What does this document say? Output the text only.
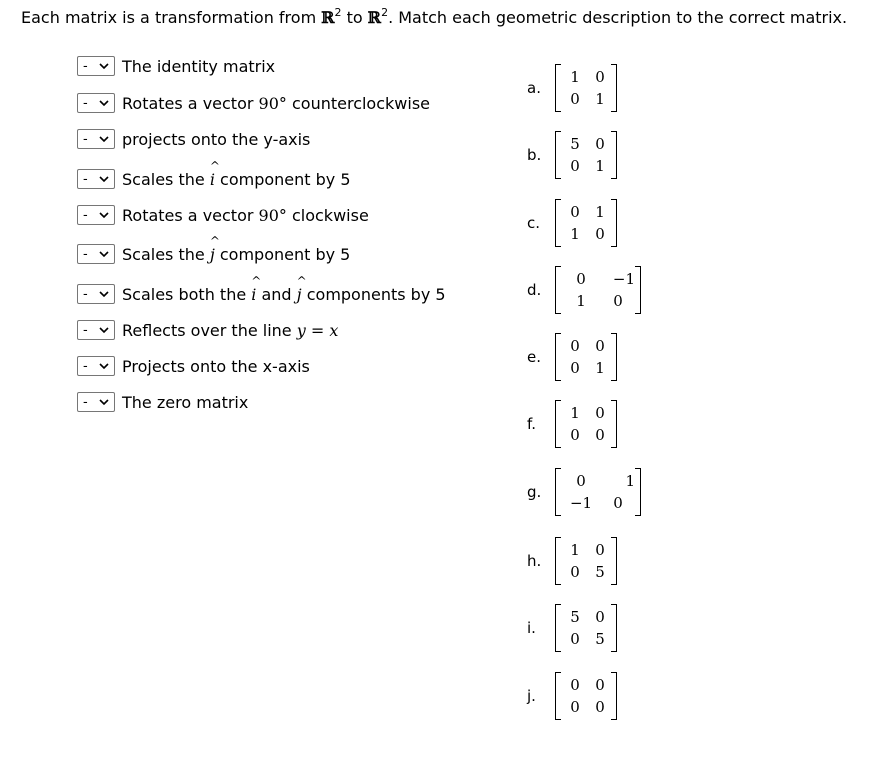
Each matrix is a transformation from ℝ$^2$ to ℝ$^2$. Match each geometric description to the correct matrix.
- The identity matrix
- Rotates a vector 90° counterclockwise
- projects onto the y-axis
- Scales the ^ i component by 5
- Rotates a vector 90° clockwise
- Scales the ^ j component by 5
- Scales both the ^ i and ^ j components by 5
- Reflects over the line y = x
- Projects onto the x-axis
- The zero matrix
a.
1	0
0	1
b.
5	0
0	1
c.
0	1
1	0
d.
0	−1
1	0
e.
0	0
0	1
f.
1	0
0	0
g.
0	1
−1	0
h.
1	0
0	5
i.
5	0
0	5
j.
0	0
0	0
